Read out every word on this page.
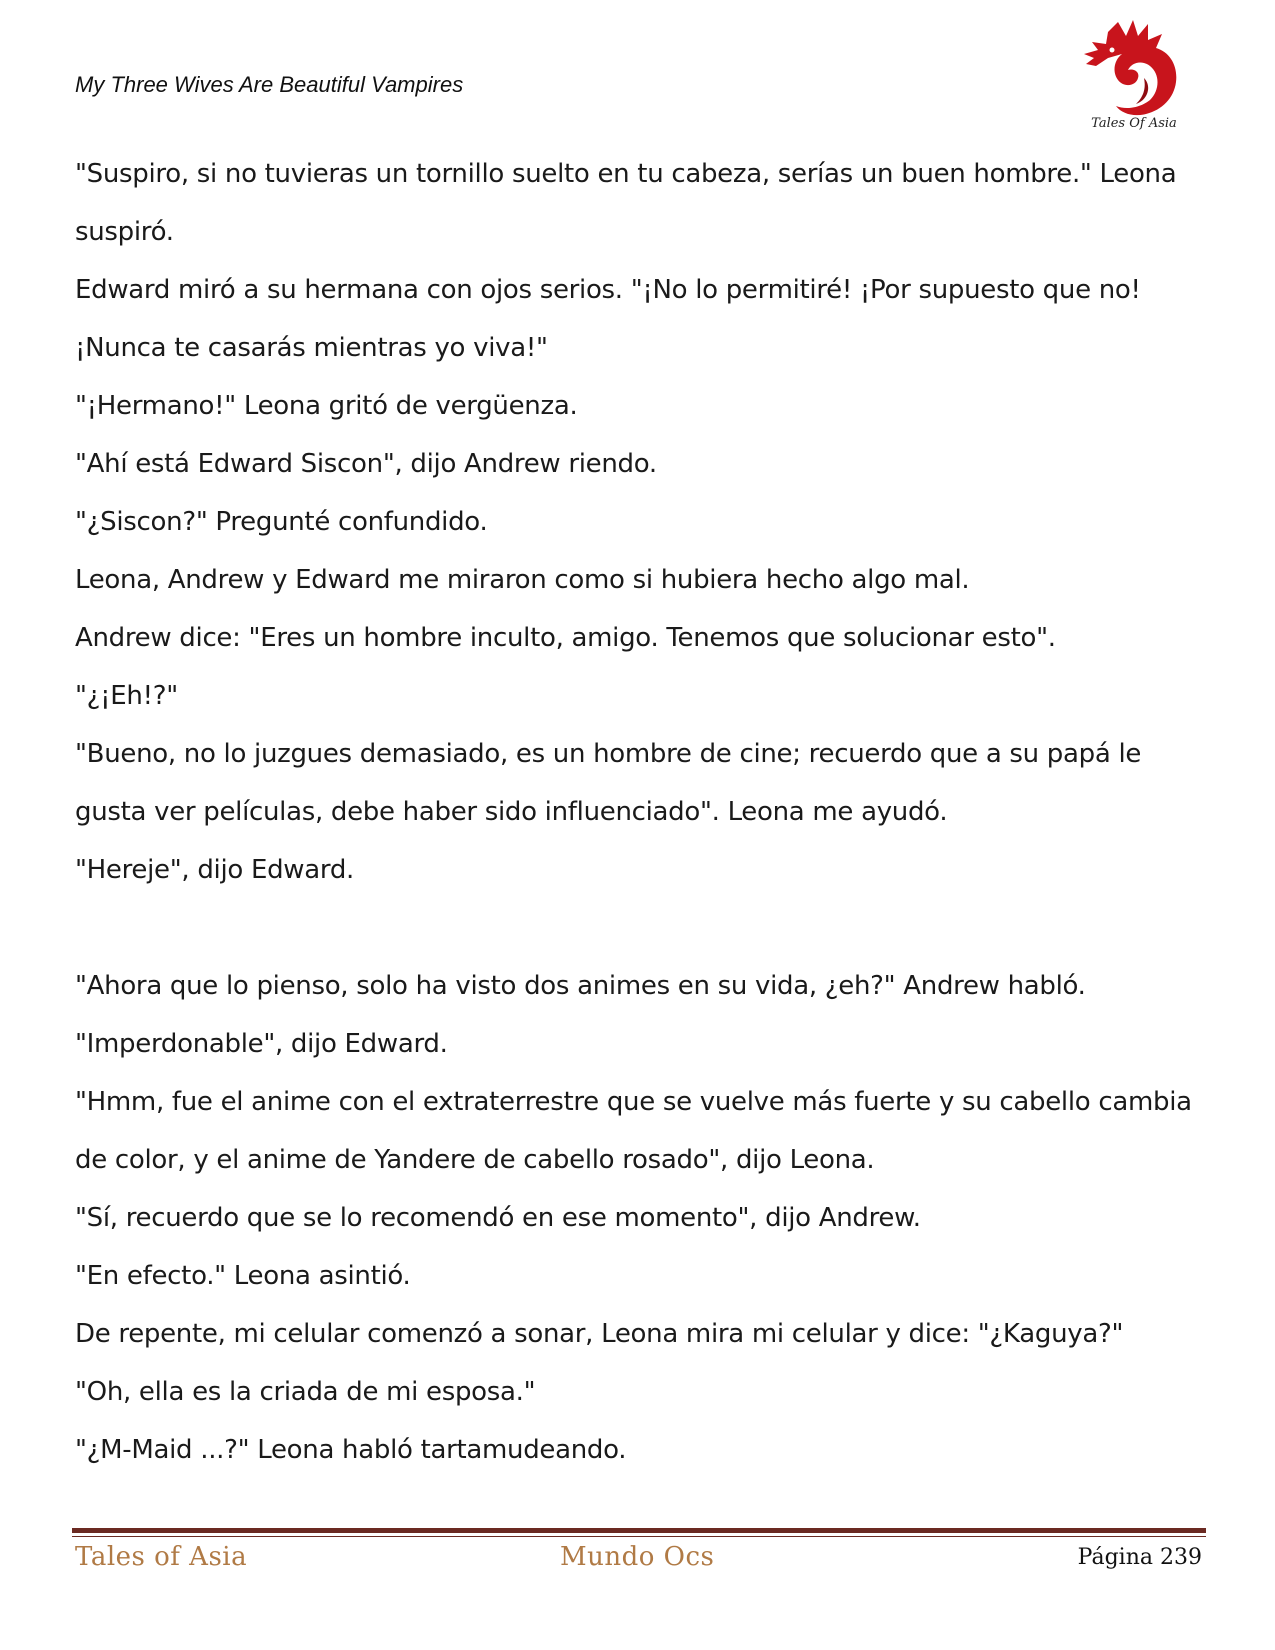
My Three Wives Are Beautiful Vampires
Tales Of Asia

"Suspiro, si no tuvieras un tornillo suelto en tu cabeza, serías un buen hombre." Leona suspiró.

Edward miró a su hermana con ojos serios. "¡No lo permitiré! ¡Por supuesto que no! ¡Nunca te casarás mientras yo viva!"

"¡Hermano!" Leona gritó de vergüenza.

"Ahí está Edward Siscon", dijo Andrew riendo.

"¿Siscon?" Pregunté confundido.

Leona, Andrew y Edward me miraron como si hubiera hecho algo mal.

Andrew dice: "Eres un hombre inculto, amigo. Tenemos que solucionar esto".

"¿¡Eh!?"

"Bueno, no lo juzgues demasiado, es un hombre de cine; recuerdo que a su papá le gusta ver películas, debe haber sido influenciado". Leona me ayudó.

"Hereje", dijo Edward.

"Ahora que lo pienso, solo ha visto dos animes en su vida, ¿eh?" Andrew habló.

"Imperdonable", dijo Edward.

"Hmm, fue el anime con el extraterrestre que se vuelve más fuerte y su cabello cambia de color, y el anime de Yandere de cabello rosado", dijo Leona.

"Sí, recuerdo que se lo recomendó en ese momento", dijo Andrew.

"En efecto." Leona asintió.

De repente, mi celular comenzó a sonar, Leona mira mi celular y dice: "¿Kaguya?"

"Oh, ella es la criada de mi esposa."

"¿M-Maid ...?" Leona habló tartamudeando.

Tales of Asia	Mundo Ocs	Página 239
